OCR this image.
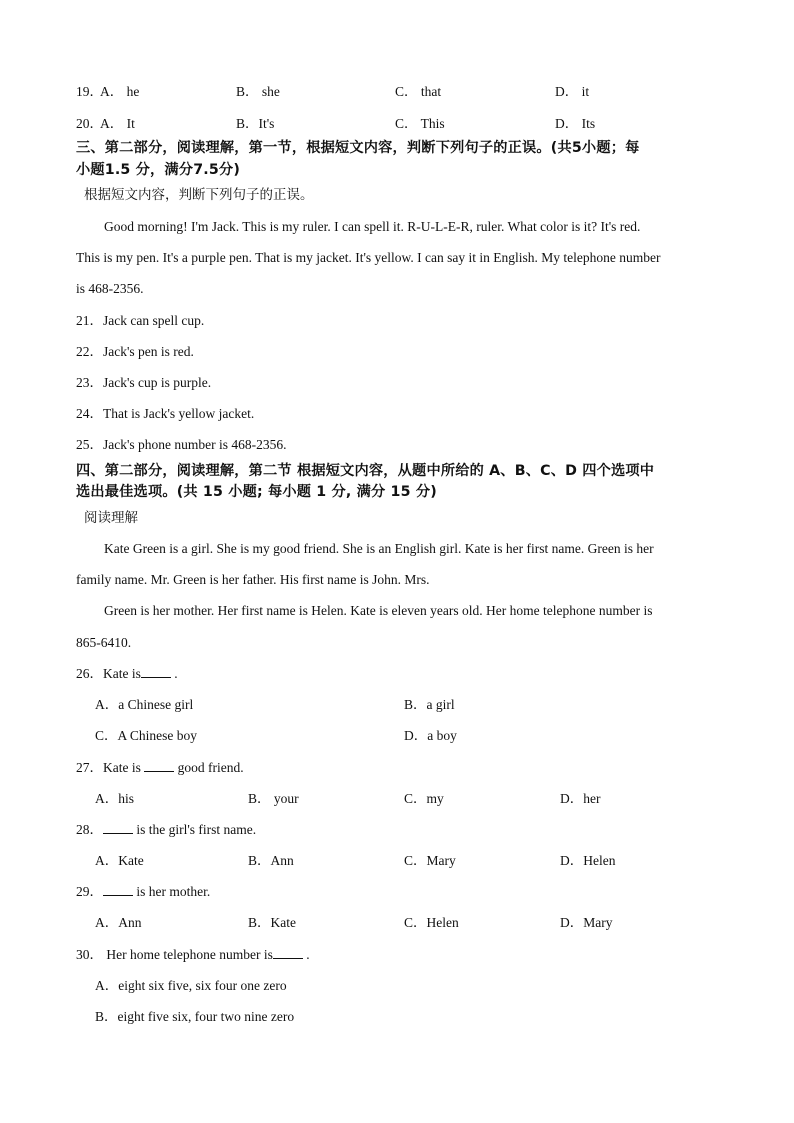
19．
A． he	B． she	C． that	D． it
20．
A． It	B．It's	C． This	D． Its
三、第二部分，阅读理解，第一节，根据短文内容，判断下列句子的正误。(共5小题；每
小题1.5 分，满分7.5分)
根据短文内容，判断下列句子的正误。
Good morning! I'm Jack. This is my ruler. I can spell it. R-U-L-E-R, ruler. What color is it? It's red.
This is my pen. It's a purple pen. That is my jacket. It's yellow. I can say it in English. My telephone number
is 468-2356.
21．Jack can spell cup.
22．Jack's pen is red.
23．Jack's cup is purple.
24．That is Jack's yellow jacket.
25．Jack's phone number is 468-2356.
四、第二部分，阅读理解，第二节 根据短文内容，从题中所给的 A、B、C、D 四个选项中
选出最佳选项。(共 15 小题; 每小题 1 分, 满分 15 分)
阅读理解
Kate Green is a girl. She is my good friend. She is an English girl. Kate is her first name. Green is her
family name. Mr. Green is her father. His first name is John. Mrs.
Green is her mother. Her first name is Helen. Kate is eleven years old. Her home telephone number is
865-6410.
26．Kate is .
A．a Chinese girl	B．a girl
C．A Chinese boy	D．a boy
27．Kate is  good friend.
A．his	B． your	C．my	D．her
28． is the girl's first name.
A．Kate	B．Ann	C．Mary	D．Helen
29． is her mother.
A．Ann	B．Kate	C．Helen	D．Mary
30． Her home telephone number is .
A．eight six five, six four one zero
B．eight five six, four two nine zero
